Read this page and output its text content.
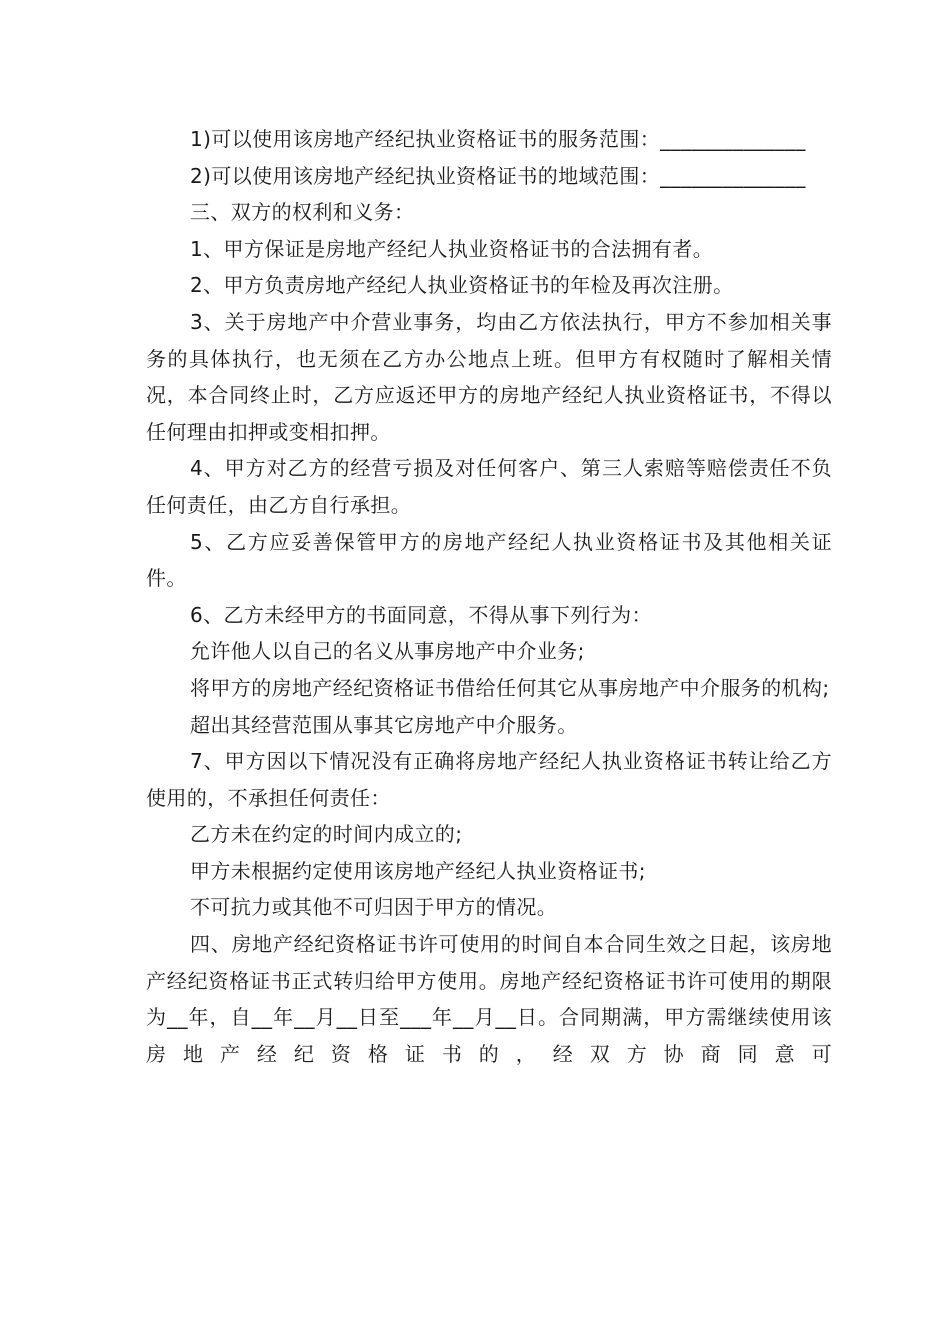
1)可以使用该房地产经纪执业资格证书的服务范围：______________

2)可以使用该房地产经纪执业资格证书的地域范围：______________

三、双方的权利和义务：

1、甲方保证是房地产经纪人执业资格证书的合法拥有者。

2、甲方负责房地产经纪人执业资格证书的年检及再次注册。

3、关于房地产中介营业事务，均由乙方依法执行，甲方不参加相关事务的具体执行，也无须在乙方办公地点上班。但甲方有权随时了解相关情况，本合同终止时，乙方应返还甲方的房地产经纪人执业资格证书，不得以任何理由扣押或变相扣押。

4、甲方对乙方的经营亏损及对任何客户、第三人索赔等赔偿责任不负任何责任，由乙方自行承担。

5、乙方应妥善保管甲方的房地产经纪人执业资格证书及其他相关证件。

6、乙方未经甲方的书面同意，不得从事下列行为：

允许他人以自己的名义从事房地产中介业务;

将甲方的房地产经纪资格证书借给任何其它从事房地产中介服务的机构;

超出其经营范围从事其它房地产中介服务。

7、甲方因以下情况没有正确将房地产经纪人执业资格证书转让给乙方使用的，不承担任何责任：

乙方未在约定的时间内成立的;

甲方未根据约定使用该房地产经纪人执业资格证书;

不可抗力或其他不可归因于甲方的情况。

四、房地产经纪资格证书许可使用的时间自本合同生效之日起，该房地产经纪资格证书正式转归给甲方使用。房地产经纪资格证书许可使用的期限为__年，自__年__月__日至___年__月__日。合同期满，甲方需继续使用该房地产经纪资格证书的，经双方协商同意可
